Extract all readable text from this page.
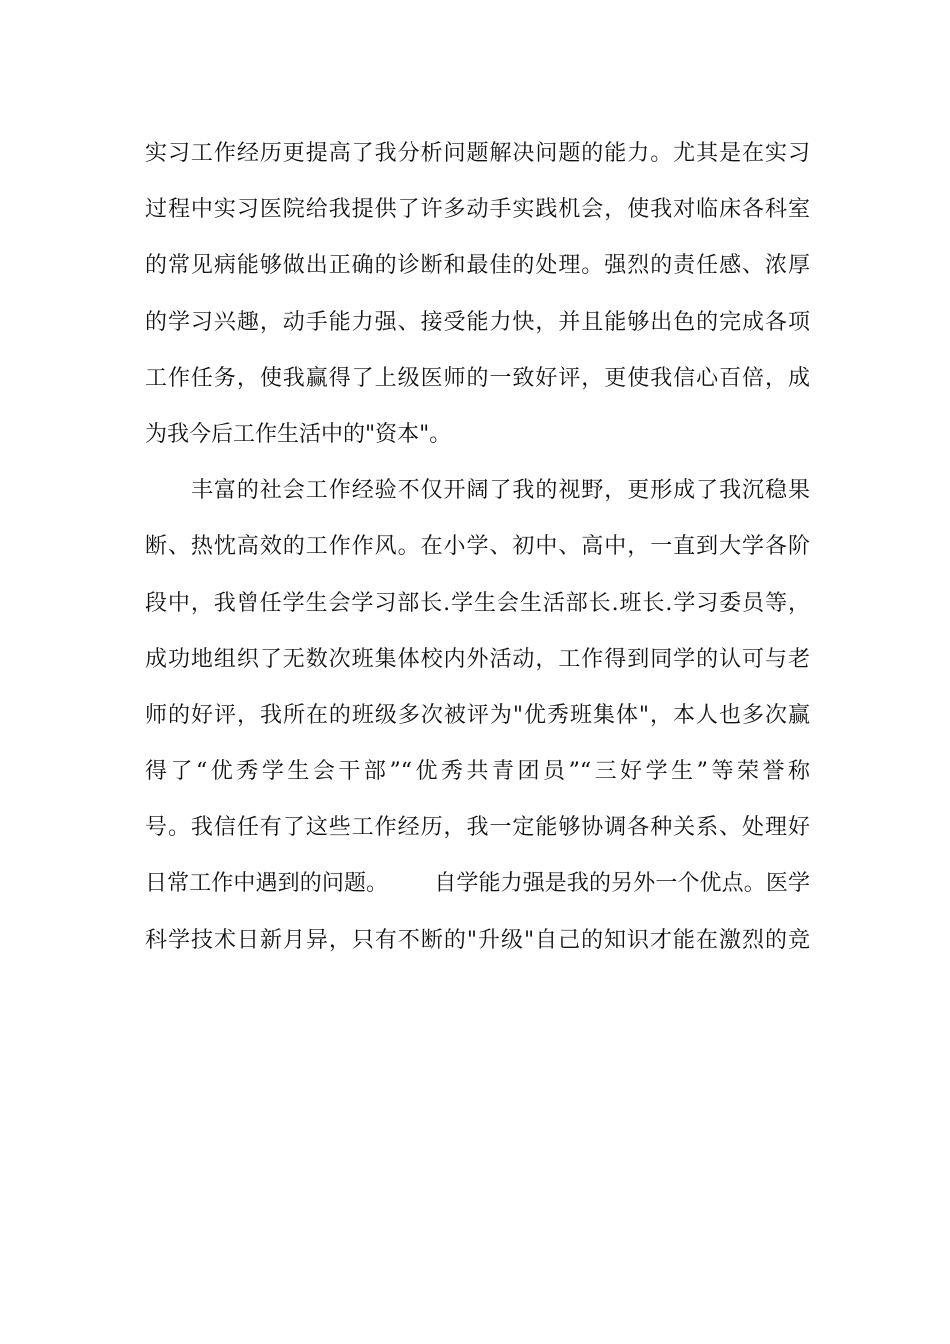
实习工作经历更提高了我分析问题解决问题的能力。尤其是在实习
过程中实习医院给我提供了许多动手实践机会，使我对临床各科室
的常见病能够做出正确的诊断和最佳的处理。强烈的责任感、浓厚
的学习兴趣，动手能力强、接受能力快，并且能够出色的完成各项
工作任务，使我赢得了上级医师的一致好评，更使我信心百倍，成
为我今后工作生活中的"资本"。
丰富的社会工作经验不仅开阔了我的视野，更形成了我沉稳果
断、热忱高效的工作作风。在小学、初中、高中，一直到大学各阶
段中，我曾任学生会学习部长.学生会生活部长.班长.学习委员等，
成功地组织了无数次班集体校内外活动，工作得到同学的认可与老
师的好评，我所在的班级多次被评为"优秀班集体"，本人也多次赢
得了“优秀学生会干部”“优秀共青团员”“三好学生”等荣誉称
号。我信任有了这些工作经历，我一定能够协调各种关系、处理好
日常工作中遇到的问题。 自学能力强是我的另外一个优点。医学
科学技术日新月异，只有不断的"升级"自己的知识才能在激烈的竞
